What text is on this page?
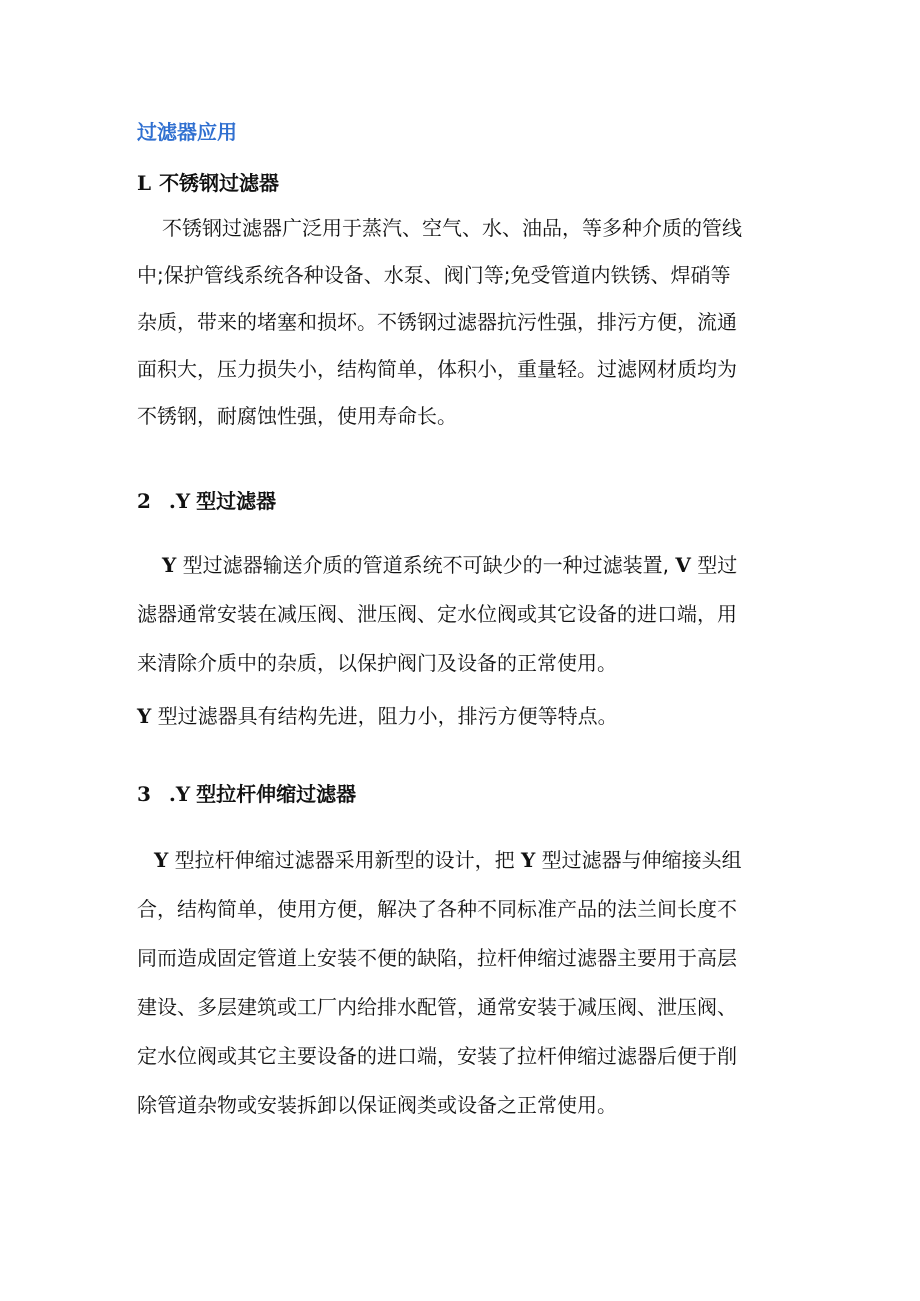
过滤器应用
L 不锈钢过滤器
不锈钢过滤器广泛用于蒸汽、空气、水、油品，等多种介质的管线
中;保护管线系统各种设备、水泵、阀门等;免受管道内铁锈、焊硝等
杂质，带来的堵塞和损坏。不锈钢过滤器抗污性强，排污方便，流通
面积大，压力损失小，结构简单，体积小，重量轻。过滤网材质均为
不锈钢，耐腐蚀性强，使用寿命长。
2 .Y 型过滤器
Y 型过滤器输送介质的管道系统不可缺少的一种过滤装置, V 型过
滤器通常安装在减压阀、泄压阀、定水位阀或其它设备的进口端，用
来清除介质中的杂质，以保护阀门及设备的正常使用。
Y 型过滤器具有结构先进，阻力小，排污方便等特点。
3 .Y 型拉杆伸缩过滤器
Y 型拉杆伸缩过滤器采用新型的设计，把 Y 型过滤器与伸缩接头组
合，结构简单，使用方便，解决了各种不同标准产品的法兰间长度不
同而造成固定管道上安装不便的缺陷，拉杆伸缩过滤器主要用于高层
建设、多层建筑或工厂内给排水配管，通常安装于减压阀、泄压阀、
定水位阀或其它主要设备的进口端，安装了拉杆伸缩过滤器后便于削
除管道杂物或安装拆卸以保证阀类或设备之正常使用。
